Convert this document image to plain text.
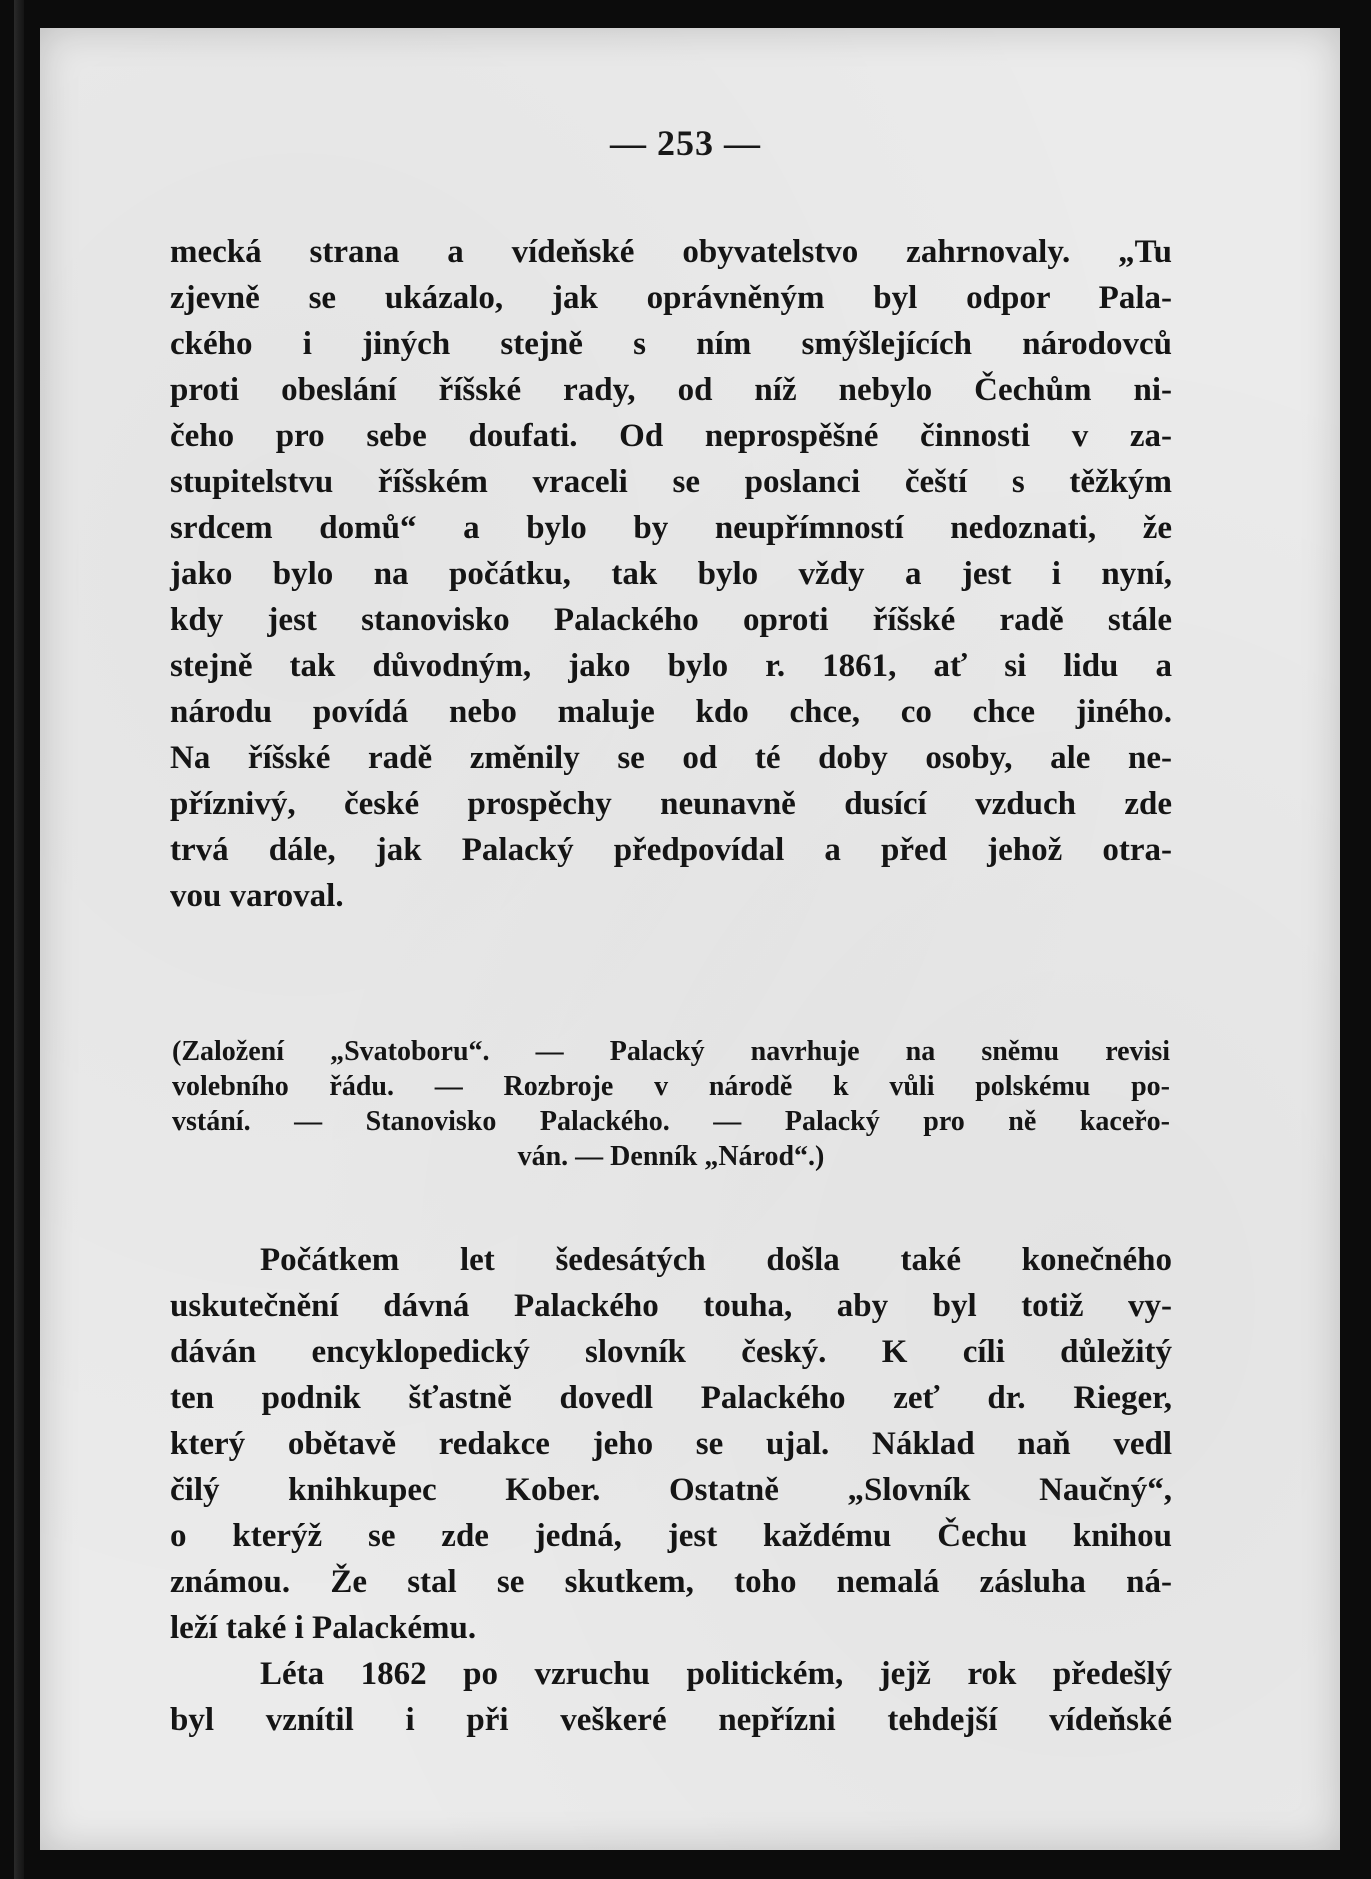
— 253 —
mecká strana a vídeňské obyvatelstvo zahrnovaly. „Tu
zjevně se ukázalo, jak oprávněným byl odpor Pala-
ckého i jiných stejně s ním smýšlejících národovců
proti obeslání říšské rady, od níž nebylo Čechům ni-
čeho pro sebe doufati. Od neprospěšné činnosti v za-
stupitelstvu říšském vraceli se poslanci čeští s těžkým
srdcem domů“ a bylo by neupřímností nedoznati, že
jako bylo na počátku, tak bylo vždy a jest i nyní,
kdy jest stanovisko Palackého oproti říšské radě stále
stejně tak důvodným, jako bylo r. 1861, ať si lidu a
národu povídá nebo maluje kdo chce, co chce jiného.
Na říšské radě změnily se od té doby osoby, ale ne-
příznivý, české prospěchy neunavně dusící vzduch zde
trvá dále, jak Palacký předpovídal a před jehož otra-
vou varoval.
(Založení „Svatoboru“. — Palacký navrhuje na sněmu revisi
volebního řádu. — Rozbroje v národě k vůli polskému po-
vstání. — Stanovisko Palackého. — Palacký pro ně kaceřo-
ván. — Denník „Národ“.)
Počátkem let šedesátých došla také konečného
uskutečnění dávná Palackého touha, aby byl totiž vy-
dáván encyklopedický slovník český. K cíli důležitý
ten podnik šťastně dovedl Palackého zeť dr. Rieger,
který obětavě redakce jeho se ujal. Náklad naň vedl
čilý knihkupec Kober. Ostatně „Slovník Naučný“,
o kterýž se zde jedná, jest každému Čechu knihou
známou. Že stal se skutkem, toho nemalá zásluha ná-
leží také i Palackému.
Léta 1862 po vzruchu politickém, jejž rok předešlý
byl vznítil i při veškeré nepřízni tehdejší vídeňské
